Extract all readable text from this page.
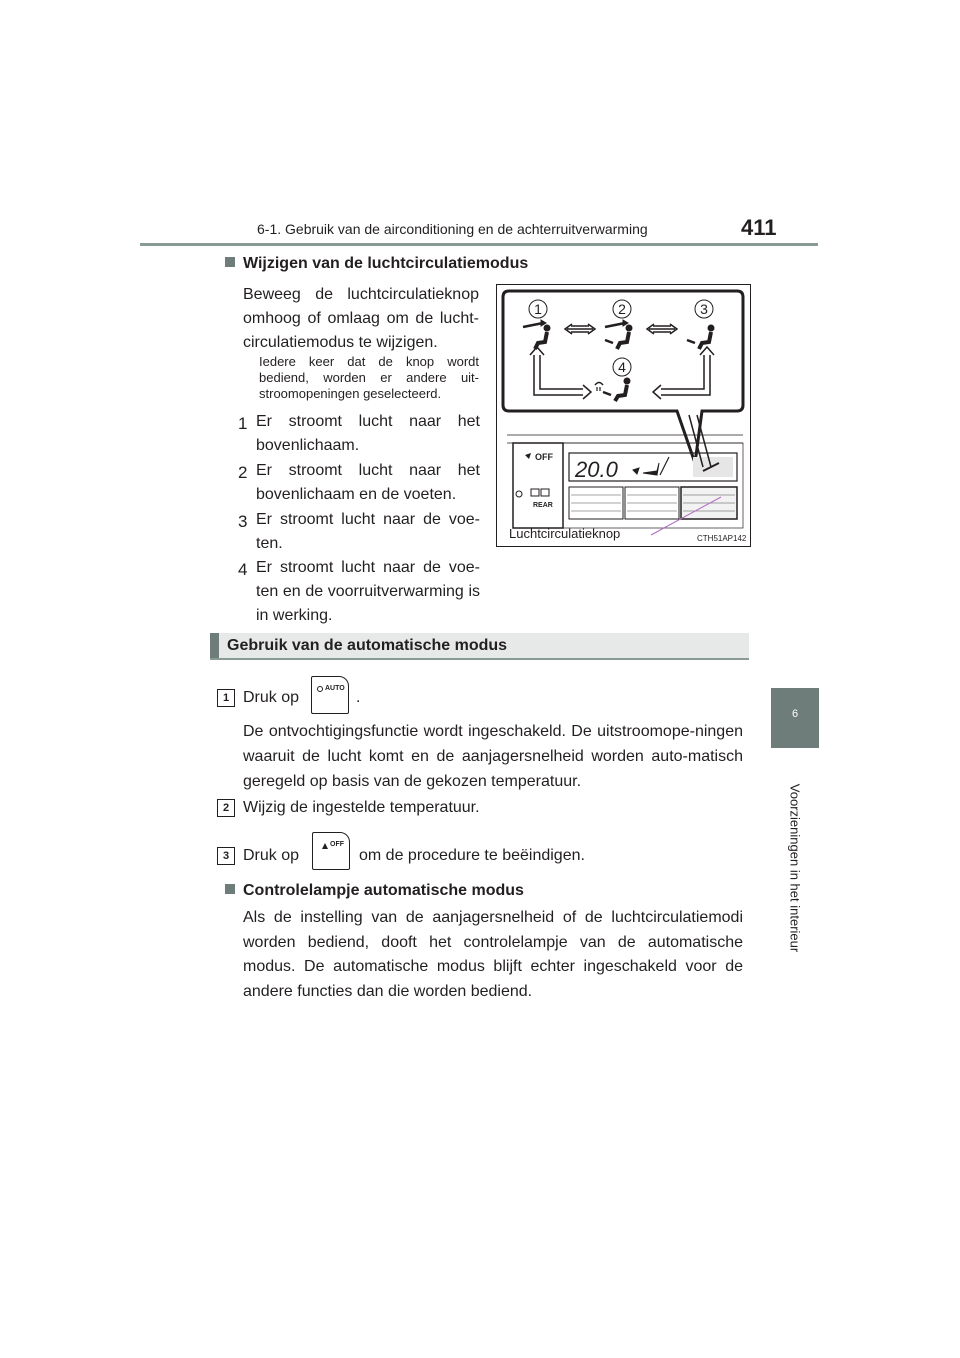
6-1. Gebruik van de airconditioning en de achterruitverwarming	411
6
Voorzieningen in het interieur
Wijzigen van de luchtcirculatiemodus
Beweeg de luchtcirculatieknop omhoog of omlaag om de lucht-circulatiemodus te wijzigen.
Iedere keer dat de knop wordt bediend, worden er andere uit-stroomopeningen geselecteerd.
1 Er stroomt lucht naar het bovenlichaam.
2 Er stroomt lucht naar het bovenlichaam en de voeten.
3 Er stroomt lucht naar de voe-ten.
4 Er stroomt lucht naar de voe-ten en de voorruitverwarming is in werking.
1	2	3
4
OFF 20.0
REAR
Luchtcirculatieknop	CTH51AP142
Gebruik van de automatische modus
1 Druk op
AUTO
.
De ontvochtigingsfunctie wordt ingeschakeld. De uitstroomope-ningen waaruit de lucht komt en de aanjagersnelheid worden auto-matisch geregeld op basis van de gekozen temperatuur.
2 Wijzig de ingestelde temperatuur.
3 Druk op
OFF
om de procedure te beëindigen.
Controlelampje automatische modus
Als de instelling van de aanjagersnelheid of de luchtcirculatiemodi worden bediend, dooft het controlelampje van de automatische modus. De automatische modus blijft echter ingeschakeld voor de andere functies dan die worden bediend.
